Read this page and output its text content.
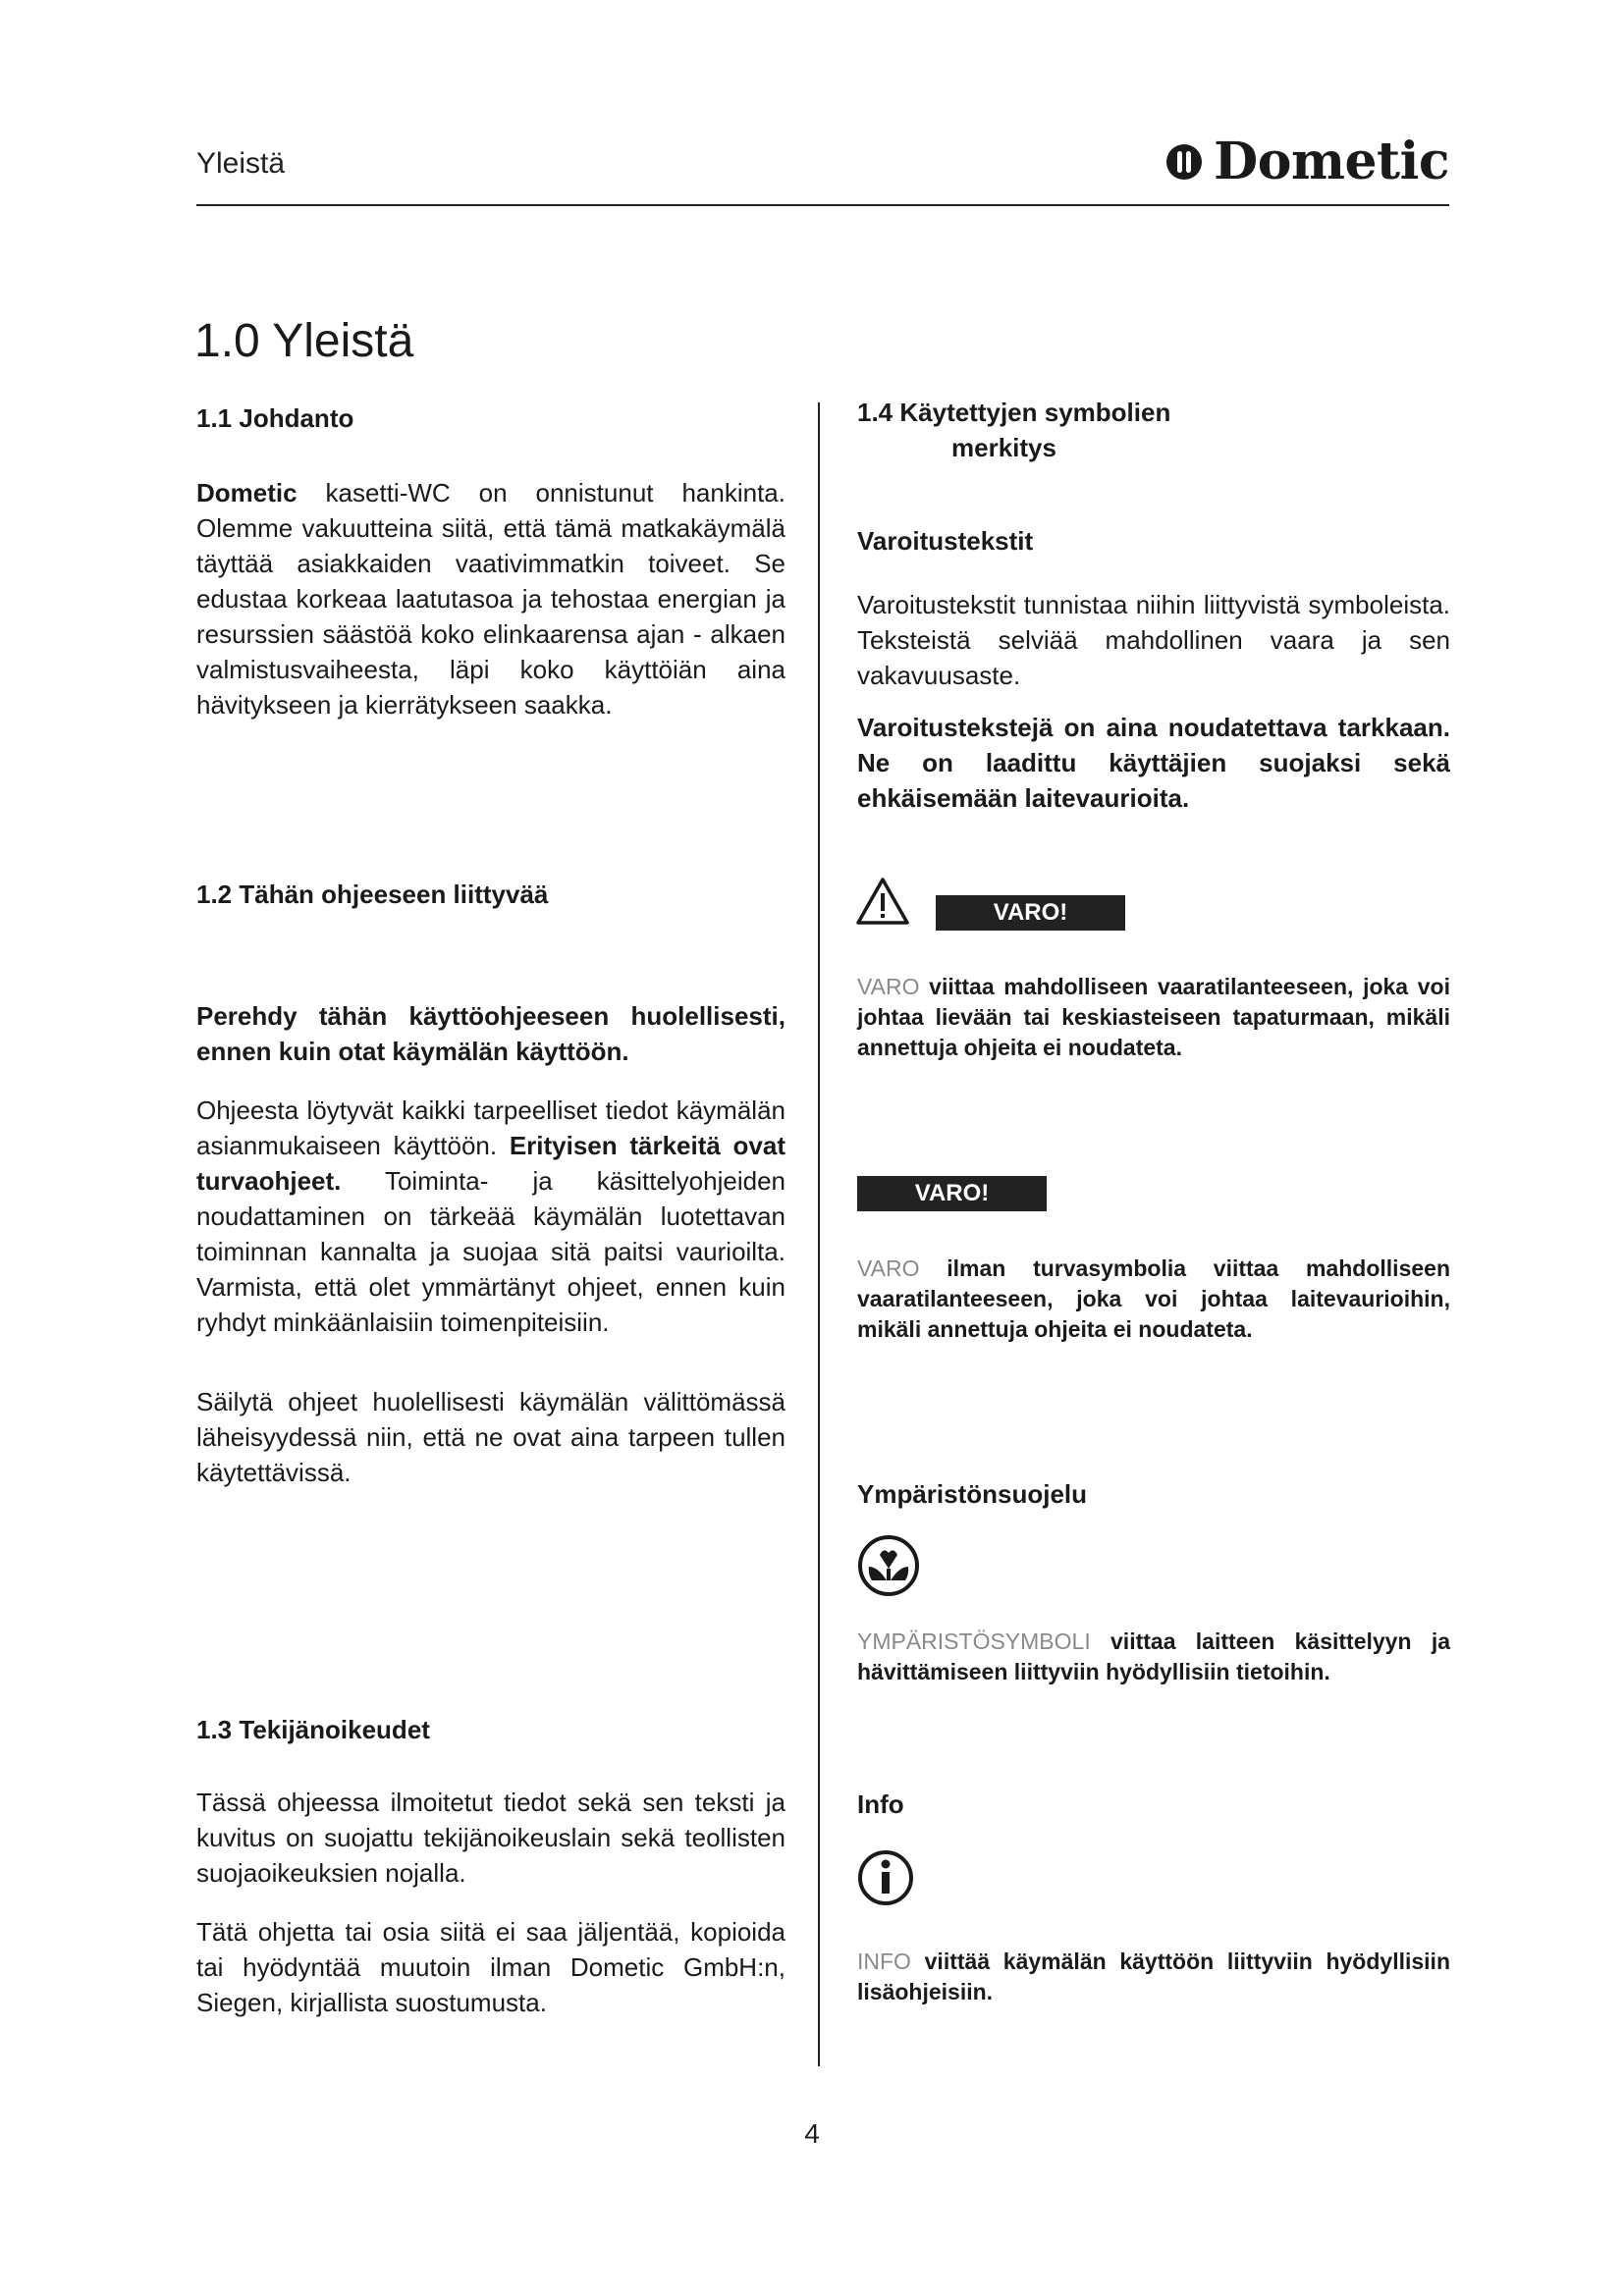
Yleistä	Dometic
1.0 Yleistä
1.1 Johdanto

Dometic kasetti-WC on onnistunut hankinta. Olemme vakuutteina siitä, että tämä matkakäymälä täyttää asiakkaiden vaativimmatkin toiveet. Se edustaa korkeaa laatutasoa ja tehostaa energian ja resurssien säästöä koko elinkaarensa ajan - alkaen valmistusvaiheesta, läpi koko käyttöiän aina hävitykseen ja kierrätykseen saakka.

1.2 Tähän ohjeeseen liittyvää

Perehdy tähän käyttöohjeeseen huolellisesti, ennen kuin otat käymälän käyttöön.

Ohjeesta löytyvät kaikki tarpeelliset tiedot käymälän asianmukaiseen käyttöön. Erityisen tärkeitä ovat turvaohjeet. Toiminta- ja käsittelyohjeiden noudattaminen on tärkeää käymälän luotettavan toiminnan kannalta ja suojaa sitä paitsi vaurioilta. Varmista, että olet ymmärtänyt ohjeet, ennen kuin ryhdyt minkäänlaisiin toimenpiteisiin.

Säilytä ohjeet huolellisesti käymälän välittömässä läheisyydessä niin, että ne ovat aina tarpeen tullen käytettävissä.

1.3 Tekijänoikeudet

Tässä ohjeessa ilmoitetut tiedot sekä sen teksti ja kuvitus on suojattu tekijänoikeuslain sekä teollisten suojaoikeuksien nojalla.

Tätä ohjetta tai osia siitä ei saa jäljentää, kopioida tai hyödyntää muutoin ilman Dometic GmbH:n, Siegen, kirjallista suostumusta.

1.4 Käytettyjen symbolien
merkitys
Varoitustekstit

Varoitustekstit tunnistaa niihin liittyvistä symboleista. Teksteistä selviää mahdollinen vaara ja sen vakavuusaste.

Varoitustekstejä on aina noudatettava tarkkaan. Ne on laadittu käyttäjien suojaksi sekä ehkäisemään laitevaurioita.

VARO!

VARO viittaa mahdolliseen vaaratilanteeseen, joka voi johtaa lievään tai keskiasteiseen tapaturmaan, mikäli annettuja ohjeita ei noudateta.

VARO!

VARO ilman turvasymbolia viittaa mahdolliseen vaaratilanteeseen, joka voi johtaa laitevaurioihin, mikäli annettuja ohjeita ei noudateta.

Ympäristönsuojelu

YMPÄRISTÖSYMBOLI viittaa laitteen käsittelyyn ja hävittämiseen liittyviin hyödyllisiin tietoihin.

Info

INFO viittää käymälän käyttöön liittyviin hyödyllisiin lisäohjeisiin.

4
